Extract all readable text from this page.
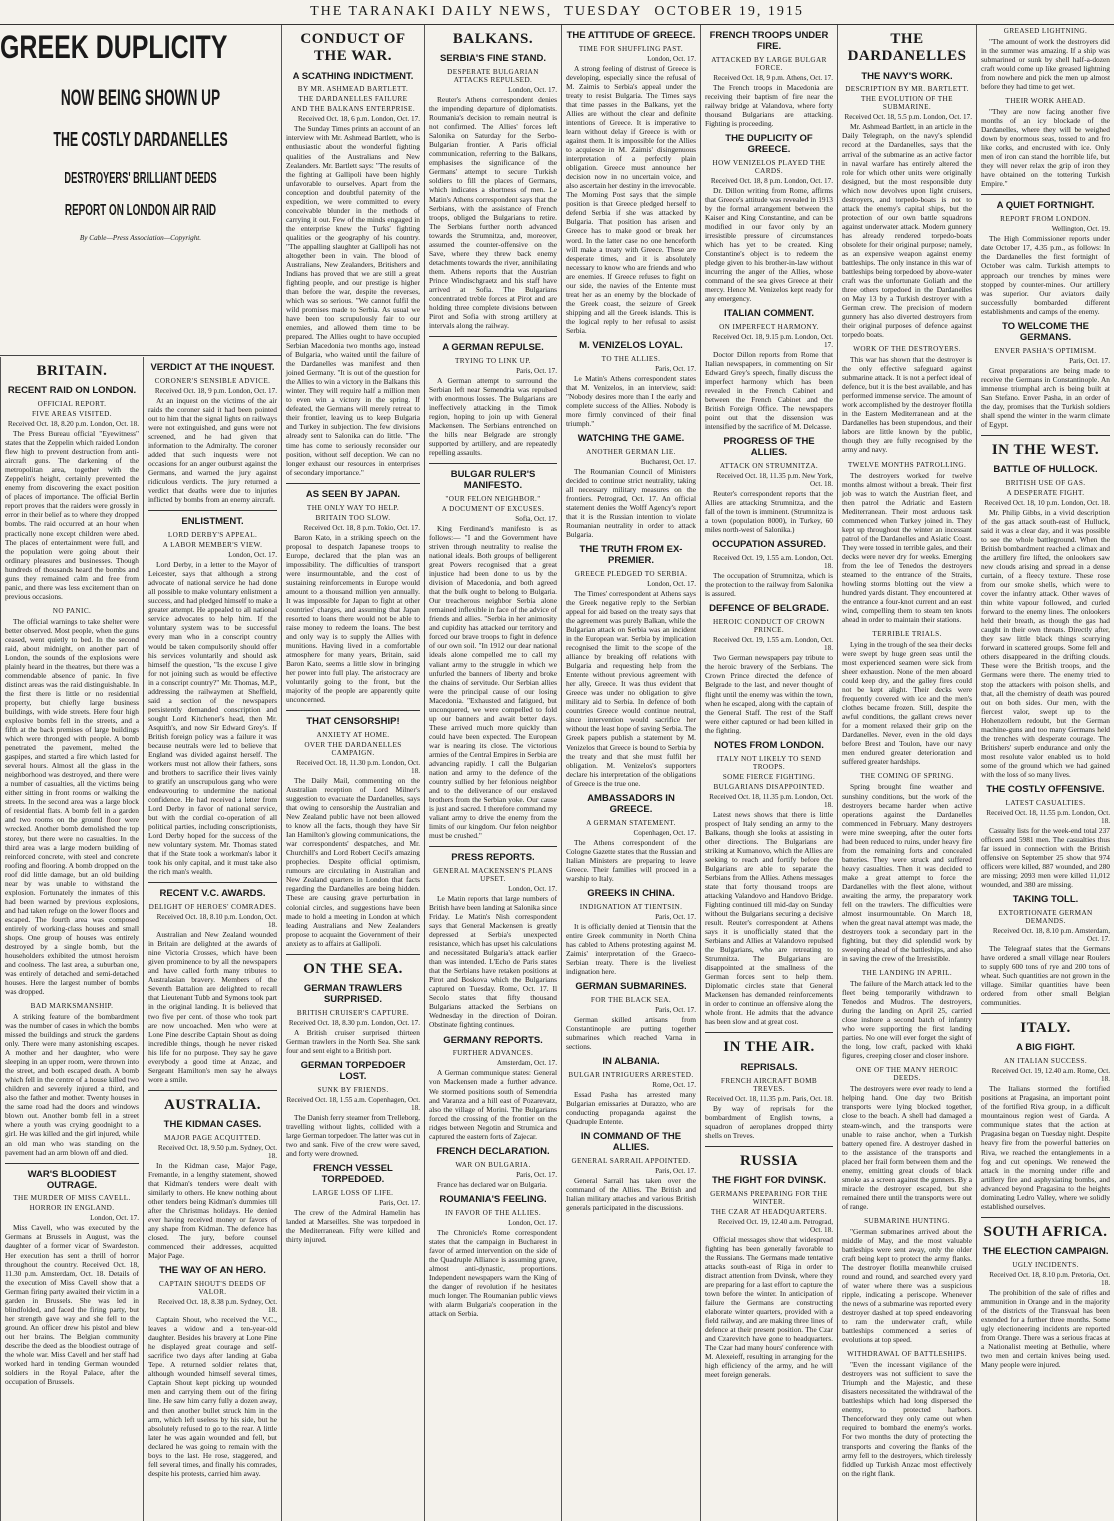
THE TARANAKI DAILY NEWS, TUESDAY OCTOBER 19, 1915
GREEK DUPLICITY
NOW BEING SHOWN UP
THE COSTLY DARDANELLES
DESTROYERS' BRILLIANT DEEDS
REPORT ON LONDON AIR RAID
By Cable—Press Association—Copyright.
BRITAIN.
RECENT RAID ON LONDON.
OFFICIAL REPORT.
FIVE AREAS VISITED.
Received Oct. 18, 8.20 p.m. London, Oct. 18.

The Press Bureau official "Eyewitness" states that the Zeppelin which raided London flew high to prevent destruction from anti-aircraft guns. The darkening of the metropolitan area, together with the Zeppelin's height, certainly prevented the enemy from discovering the exact position of places of importance. The official Berlin report proves that the raiders were grossly in error in their belief as to where they dropped bombs. The raid occurred at an hour when practically none except children were abed. The places of entertainment were full, and the population were going about their ordinary pleasures and businesses. Though hundreds of thousands heard the bombs and guns they remained calm and free from panic, and there was less excitement than on previous occasions.

NO PANIC.

The official warnings to take shelter were better observed. Most people, when the guns ceased, went quietly to bed. In the second raid, about midnight, on another part of London, the sounds of the explosions were plainly heard in the theatres, but there was a commendable absence of panic. In five distinct areas was the raid distinguishable. In the first there is little or no residential property, but chiefly large business buildings, with wide streets. Here four high explosive bombs fell in the streets, and a fifth at the back premises of large buildings which were thronged with people. A bomb penetrated the pavement, melted the gaspipes, and started a fire which lasted for several hours. Almost all the glass in the neighborhood was destroyed, and there were a number of casualties, all the victims being either sitting in front rooms or walking the streets. In the second area was a large block of residential flats. A bomb fell in a garden and two rooms on the ground floor were wrecked. Another bomb demolished the top storey, but there were no casualties. In the third area was a large modern building of reinforced concrete, with steel and concrete roofing and flooring. A bomb dropped on the roof did little damage, but an old building near by was unable to withstand the explosion. Fortunately the inmates of this had been warned by previous explosions, and had taken refuge on the lower floors and escaped. The fourth area was composed entirely of working-class houses and small shops. One group of houses was entirely destroyed by a single bomb, but the householders exhibited the utmost heroism and coolness. The last area, a suburban one, was entirely of detached and semi-detached houses. Here the largest number of bombs was dropped.

BAD MARKSMANSHIP.

A striking feature of the bombardment was the number of cases in which the bombs missed the buildings and struck the gardens only. There were many astonishing escapes. A mother and her daughter, who were sleeping in an upper room, were thrown into the street, and both escaped death. A bomb which fell in the centre of a house killed two children and severely injured a third, and also the father and mother. Twenty houses in the same road had the doors and windows blown out. Another bomb fell in a street where a youth was crying goodnight to a girl. He was killed and the girl injured, while an old man who was standing on the pavement had an arm blown off and died.

WAR'S BLOODIEST OUTRAGE.
THE MURDER OF MISS CAVELL.
HORROR IN ENGLAND.
London, Oct. 17.

Miss Cavell, who was executed by the Germans at Brussels in August, was the daughter of a former vicar of Swardeston. Her execution has sent a thrill of horror throughout the country. Received Oct. 18, 11.30 p.m. Amsterdam, Oct. 18. Details of the execution of Miss Cavell show that a German firing party awaited their victim in a garden in Brussels. She was led in blindfolded, and faced the firing party, but her strength gave way and she fell to the ground. An officer drew his pistol and blew out her brains. The Belgian community describe the deed as the bloodiest outrage of the whole war. Miss Cavell and her staff had worked hard in tending German wounded soldiers in the Royal Palace, after the occupation of Brussels.

VERDICT AT THE INQUEST.
CORONER'S SENSIBLE ADVICE.
Received Oct. 18, 9 p.m. London, Oct. 17.

At an inquest on the victims of the air raids the coroner said it had been pointed out to him that the signal lights on railways were not extinguished, and guns were not screened, and he had given that information to the Admiralty. The coroner added that such inquests were not occasions for an anger outburst against the Germans, and warned the jury against ridiculous verdicts. The jury returned a verdict that deaths were due to injuries inflicted by bombs from an enemy aircraft.

ENLISTMENT.
LORD DERBY'S APPEAL.
A LABOR MEMBER'S VIEW.
London, Oct. 17.

Lord Derby, in a letter to the Mayor of Leicester, says that although a strong advocate of national service he had done all possible to make voluntary enlistment a success, and had pledged himself to make a greater attempt. He appealed to all national service advocates to help him. If the voluntary system was to be successful every man who in a conscript country would be taken compulsorily should offer his services voluntarily and should ask himself the question, "Is the excuse I give for not joining such as would be effective in a conscript country?" Mr. Thomas, M.P., addressing the railwaymen at Sheffield, said a section of the newspapers persistently demanded conscription and sought Lord Kitchener's head, then Mr. Asquith's, and now Sir Edward Grey's. If British foreign policy was a failure it was because neutrals were led to believe that England was divided against herself. The workers must not allow their fathers, sons and brothers to sacrifice their lives vainly to gratify an unscrupulous gang who were endeavouring to undermine the national confidence. He had received a letter from Lord Derby in favor of national service, but with the cordial co-operation of all political parties, including conscriptionists, Lord Derby hoped for the success of the new voluntary system. Mr. Thomas stated that if the State took a workman's labor it took his only capital, and it must take also the rich man's wealth.

RECENT V.C. AWARDS.
DELIGHT OF HEROES' COMRADES.
Received Oct. 18, 8.10 p.m. London, Oct. 18.

Australian and New Zealand wounded in Britain are delighted at the awards of nine Victoria Crosses, which have been given prominence to by all the newspapers and have called forth many tributes to Australasian bravery. Members of the Seventh Battalion are delighted to recall that Lieutenant Tubb and Symons took part in the original landing. It is believed that two five per cent. of those who took part are now uncoached. Men who were at Lone Pine describe Captain Shout as doing incredible things, though he never risked his life for no purpose. They say he gave everybody a good time at Anzac, and Sergeant Hamilton's men say he always wore a smile.

AUSTRALIA.
THE KIDMAN CASES.
MAJOR PAGE ACQUITTED.
Received Oct. 18, 9.50 p.m. Sydney, Oct. 18.

In the Kidman case, Major Page, Fremantle, in a lengthy statement, showed that Kidman's tenders were dealt with similarly to others. He knew nothing about other tenders being Kidman's dummies till after the Christmas holidays. He denied ever having received money or favors of any shape from Kidman. The defence has closed. The jury, before counsel commenced their addresses, acquitted Major Page.

THE WAY OF AN HERO.
CAPTAIN SHOUT'S DEEDS OF VALOR.
Received Oct. 18, 8.38 p.m. Sydney, Oct. 18.

Captain Shout, who received the V.C., leaves a widow and a ten-year-old daughter. Besides his bravery at Lone Pine he displayed great courage and self-sacrifice two days after landing at Gaba Tepe. A returned soldier relates that, although wounded himself several times, Captain Shout kept picking up wounded men and carrying them out of the firing line. He saw him carry fully a dozen away, and then another bullet struck him in the arm, which left useless by his side, but he absolutely refused to go to the rear. A little later he was again wounded and fell, but declared he was going to remain with the boys to the last. He rose, staggered, and fell several times, and finally his comrades, despite his protests, carried him away.

CONDUCT OF THE WAR.
A SCATHING INDICTMENT.
BY MR. ASHMEAD BARTLETT.
THE DARDANELLES FAILURE
AND THE BALKANS ENTERPRISE.
Received Oct. 18, 6 p.m. London, Oct. 17.

The Sunday Times prints an account of an interview with Mr. Ashmead Bartlett, who is enthusiastic about the wonderful fighting qualities of the Australians and New Zealanders. Mr. Bartlett says: "The results of the fighting at Gallipoli have been highly unfavorable to ourselves. Apart from the conception and doubtful paternity of the expedition, we were committed to every conceivable blunder in the methods of carrying it out. Few of the minds engaged in the enterprise knew the Turks' fighting qualities or the geography of his country. "The appalling slaughter at Gallipoli has not altogether been in vain. The blood of Australians, New Zealanders, Britishers and Indians has proved that we are still a great fighting people, and our prestige is higher than before the war, despite the reverses, which was so serious. "We cannot fulfil the wild promises made to Serbia. As usual we have been too scrupulously fair to our enemies, and allowed them time to be prepared. The Allies ought to have occupied Serbian Macedonia two months ago, instead of Bulgaria, who waited until the failure of the Dardanelles was manifest and then joined Germany. "It is out of the question for the Allies to win a victory in the Balkans this winter. They will require half a million men to even win a victory in the spring. If defeated, the Germans will merely retreat to their frontier, leaving us to keep Bulgaria and Turkey in subjection. The few divisions already sent to Salonika can do little. "The time has come to seriously reconsider our position, without self deception. We can no longer exhaust our resources in enterprises of secondary importance."

AS SEEN BY JAPAN.
THE ONLY WAY TO HELP.
BRITAIN TOO SLOW.
Received Oct. 18, 8 p.m. Tokio, Oct. 17.

Baron Kato, in a striking speech on the proposal to despatch Japanese troops to Europe, declared that the plan was an impossibility. The difficulties of transport were insurmountable, and the cost of sustaining reinforcements in Europe would amount to a thousand million yen annually. It was impossible for Japan to fight at other countries' charges, and assuming that Japan resorted to loans there would not be able to raise money to redeem the loans. The best and only way is to supply the Allies with munitions. Having lived in a comfortable atmosphere for many years, Britain, said Baron Kato, seems a little slow in bringing her power into full play. The aristocracy are voluntarily going to the front, but the majority of the people are apparently quite unconcerned.

THAT CENSORSHIP!
ANXIETY AT HOME.
OVER THE DARDANELLES CAMPAIGN.
Received Oct. 18, 11.30 p.m. London, Oct. 18.

The Daily Mail, commenting on the Australian reception of Lord Milner's suggestion to evacuate the Dardanelles, says that owing to censorship the Australian and New Zealand public have not been allowed to know all the facts, though they have Sir Ian Hamilton's glowing communications, the war correspondents' despatches, and Mr. Churchill's and Lord Robert Cecil's amazing prophecies. Despite official optimism, rumours are circulating in Australian and New Zealand quarters in London that facts regarding the Dardanelles are being hidden. These are causing grave perturbation in colonial circles, and suggestions have been made to hold a meeting in London at which leading Australians and New Zealanders propose to acquaint the Government of their anxiety as to affairs at Gallipoli.

ON THE SEA.
GERMAN TRAWLERS SURPRISED.
BRITISH CRUISER'S CAPTURE.
Received Oct. 18, 8.30 p.m. London, Oct. 17.

A British cruiser surprised thirteen German trawlers in the North Sea. She sank four and sent eight to a British port.

GERMAN TORPEDOER LOST.
SUNK BY FRIENDS.
Received Oct. 18, 1.55 a.m. Copenhagen, Oct. 18.

The Danish ferry steamer from Trelleborg, travelling without lights, collided with a large German torpedoer. The latter was cut in two and sank. Five of the crew were saved, and forty were drowned.

FRENCH VESSEL TORPEDOED.
LARGE LOSS OF LIFE.
Paris, Oct. 17.

The crew of the Admiral Hamelin has landed at Marseilles. She was torpedoed in the Mediterranean. Fifty were killed and thirty injured.

BALKANS.
SERBIA'S FINE STAND.
DESPERATE BULGARIAN ATTACKS REPULSED.
London, Oct. 17.

Reuter's Athens correspondent denies the impending departure of diplomatists. Roumania's decision to remain neutral is not confirmed. The Allies' forces left Salonika on Saturday for the Serbo-Bulgarian frontier. A Paris official communication, referring to the Balkans, emphasises the significance of the Germans' attempt to secure Turkish soldiers to fill the places of Germans, which indicates a shortness of men. Le Matin's Athens correspondent says that the Serbians, with the assistance of French troops, obliged the Bulgarians to retire. The Serbians further north advanced towards the Strumnitza, and, moreover, assumed the counter-offensive on the Save, where they threw back enemy detachments towards the river, annihilating them. Athens reports that the Austrian Prince Windischgraetz and his staff have arrived at Sofia. The Bulgarians concentrated treble forces at Pirot and are holding three complete divisions between Pirot and Sofia with strong artillery at intervals along the railway.

A GERMAN REPULSE.
TRYING TO LINK UP.
Paris, Oct. 17.

A German attempt to surround the Serbian left near Semendria was repulsed with enormous losses. The Bulgarians are ineffectively attacking in the Timok region, hoping to join up with General Mackensen. The Serbians entrenched on the hills near Belgrade are strongly supported by artillery, and are repeatedly repelling assaults.

BULGAR RULER'S MANIFESTO.
"OUR FELON NEIGHBOR."
A DOCUMENT OF EXCUSES.
Sofia, Oct. 17.

King Ferdinand's manifesto is as follows:— "I and the Government have striven through neutrality to realise the national ideals. Both groups of belligerent great Powers recognised that a great injustice had been done to us by the division of Macedonia, and both agreed that the bulk ought to belong to Bulgaria. Our treacherous neighbor Serbia alone remained inflexible in face of the advice of friends and allies. "Serbia in her animosity and cupidity has attacked our territory and forced our brave troops to fight in defence of our own soil. "In 1912 our dear national ideals alone compelled me to call my valiant army to the struggle in which we unfurled the banners of liberty and broke the chains of servitude. Our Serbian allies were the principal cause of our losing Macedonia. "Exhausted and fatigued, but unconquered, we were compelled to fold up our banners and await better days. These arrived much more quickly than could have been expected. The European war is nearing its close. The victorious armies of the Central Empires in Serbia are advancing rapidly. I call the Bulgarian nation and army to the defence of the country sullied by her felonious neighbor and to the deliverance of our enslaved brothers from the Serbian yoke. Our cause is just and sacred. I therefore command my valiant army to drive the enemy from the limits of our kingdom. Our felon neighbor must be crushed."

PRESS REPORTS.
GENERAL MACKENSEN'S PLANS UPSET.
London, Oct. 17.

Le Matin reports that large numbers of British have been landing at Salonika since Friday. Le Matin's Nish correspondent says that General Mackensen is greatly depressed at Serbia's unexpected resistance, which has upset his calculations and necessitated Bulgaria's attack earlier than was intended. L'Echo de Paris states that the Serbians have retaken positions at Pirot and Boskova which the Bulgarians captured on Tuesday. Rome, Oct. 17. Il Secolo states that fifty thousand Bulgarians attacked the Serbians on Wednesday in the direction of Doiran. Obstinate fighting continues.

GERMANY REPORTS.
FURTHER ADVANCES.
Amsterdam, Oct. 17.

A German communique states: General von Mackensen made a further advance. We stormed positions south of Semendria and Varanza and a hill east of Pozarevatz, also the village of Morini. The Bulgarians forced the crossing of the frontier on the ridges between Negotin and Strumica and captured the eastern forts of Zajecar.

FRENCH DECLARATION.
WAR ON BULGARIA.
Paris, Oct. 17.

France has declared war on Bulgaria.

ROUMANIA'S FEELING.
IN FAVOR OF THE ALLIES.
London, Oct. 17.

The Chronicle's Rome correspondent states that the campaign in Bucharest in favor of armed intervention on the side of the Quadruple Alliance is assuming grave, almost anti-dynastic, proportions. Independent newspapers warn the King of the danger of revolution if he hesitates much longer. The Roumanian public views with alarm Bulgaria's cooperation in the attack on Serbia.

THE ATTITUDE OF GREECE.
TIME FOR SHUFFLING PAST.
London, Oct. 17.

A strong feeling of distrust of Greece is developing, especially since the refusal of M. Zaimis to Serbia's appeal under the treaty to resist Bulgaria. The Times says that time passes in the Balkans, yet the Allies are without the clear and definite intentions of Greece. It is imperative to learn without delay if Greece is with or against them. It is impossible for the Allies to acquiesce in M. Zaimis' disingenuous interpretation of a perfectly plain obligation. Greece must announce her decision now in no uncertain voice, and also ascertain her destiny in the irrevocable. The Morning Post says that the simple position is that Greece pledged herself to defend Serbia if she was attacked by Bulgaria. That position has arisen and Greece has to make good or break her word. In the latter case no one henceforth will make a treaty with Greece. These are desperate times, and it is absolutely necessary to know who are friends and who are enemies. If Greece refuses to fight on our side, the navies of the Entente must treat her as an enemy by the blockade of the Greek coast, the seizure of Greek shipping and all the Greek islands. This is the logical reply to her refusal to assist Serbia.

M. VENIZELOS LOYAL.
TO THE ALLIES.
Paris, Oct. 17.

Le Matin's Athens correspondent states that M. Venizelos, in an interview, said: "Nobody desires more than I the early and complete success of the Allies. Nobody is more firmly convinced of their final triumph."

WATCHING THE GAME.
ANOTHER GERMAN LIE.
Bucharest, Oct. 17.

The Roumanian Council of Ministers decided to continue strict neutrality, taking all necessary military measures on the frontiers. Petrograd, Oct. 17. An official statement denies the Wolff Agency's report that it is the Russian intention to violate Roumanian neutrality in order to attack Bulgaria.

THE TRUTH FROM EX-PREMIER.
GREECE PLEDGED TO SERBIA.
London, Oct. 17.

The Times' correspondent at Athens says the Greek negative reply to the Serbian appeal for aid based on the treaty says that the agreement was purely Balkan, while the Bulgarian attack on Serbia was an incident in the European war. Serbia by implication recognised the limit to the scope of the alliance by breaking off relations with Bulgaria and requesting help from the Entente without previous agreement with her ally, Greece. It was thus evident that Greece was under no obligation to give military aid to Serbia. In defence of both countries Greece would continue neutral, since intervention would sacrifice her without the least hope of saving Serbia. The Greek papers publish a statement by M. Venizelos that Greece is bound to Serbia by the treaty and that she must fulfil her obligation. M. Venizelos's supporters declare his interpretation of the obligations of Greece is the true one.

AMBASSADORS IN GREECE.
A GERMAN STATEMENT.
Copenhagen, Oct. 17.

The Athens correspondent of the Cologne Gazette states that the Russian and Italian Ministers are preparing to leave Greece. Their families will proceed in a warship to Italy.

GREEKS IN CHINA.
INDIGNATION AT TIENTSIN.
Paris, Oct. 17.

It is officially denied at Tientsin that the entire Greek community in North China has cabled to Athens protesting against M. Zaimis' interpretation of the Graeco-Serbian treaty. There is the liveliest indignation here.

GERMAN SUBMARINES.
FOR THE BLACK SEA.
Paris, Oct. 17.

German skilled artisans from Constantinople are putting together submarines which reached Varna in sections.

IN ALBANIA.
BULGAR INTRIGUERS ARRESTED.
Rome, Oct. 17.

Essad Pasha has arrested many Bulgarian emissaries at Durazzo, who are conducting propaganda against the Quadruple Entente.

IN COMMAND OF THE ALLIES.
GENERAL SARRAIL APPOINTED.
Paris, Oct. 17.

General Sarrail has taken over the command of the Allies. The British and Italian military attaches and various British generals participated in the discussions.

FRENCH TROOPS UNDER FIRE.
ATTACKED BY LARGE BULGAR FORCE.
Received Oct. 18, 9 p.m. Athens, Oct. 17.

The French troops in Macedonia are receiving their baptism of fire near the railway bridge at Valandova, where forty thousand Bulgarians are attacking. Fighting is proceeding.

THE DUPLICITY OF GREECE.
HOW VENIZELOS PLAYED THE CARDS.
Received Oct. 18, 8 p.m. London, Oct. 17.

Dr. Dillon writing from Rome, affirms that Greece's attitude was revealed in 1913 by the formal arrangement between the Kaiser and King Constantine, and can be modified in our favor only by an irresistible pressure of circumstances which has yet to be created. King Constantine's object is to redeem the pledge given to his brother-in-law without incurring the anger of the Allies, whose command of the sea gives Greece at their mercy. Hence M. Venizelos kept ready for any emergency.

ITALIAN COMMENT.
ON IMPERFECT HARMONY.
Received Oct. 18, 9.15 p.m. London, Oct. 17.

Doctor Dillon reports from Rome that Italian newspapers, in commenting on Sir Edward Grey's speech, finally discuss the imperfect harmony which has been revealed in the French Cabinet and between the French Cabinet and the British Foreign Office. The newspapers point out that the dissension was intensified by the sacrifice of M. Delcasse.

PROGRESS OF THE ALLIES.
ATTACK ON STRUMNITZA.
Received Oct. 18, 11.35 p.m. New York, Oct. 18.

Reuter's correspondent reports that the Allies are attacking Strumnitza, and the fall of the town is imminent. (Strumnitza is a town (population 8000), in Turkey, 60 miles north-west of Salonika.)

OCCUPATION ASSURED.
Received Oct. 19, 1.55 a.m. London, Oct. 18.

The occupation of Strumnitza, which is the protection to the railway from Salonika is assured.

DEFENCE OF BELGRADE.
HEROIC CONDUCT OF CROWN PRINCE.
Received Oct. 19, 1.55 a.m. London, Oct. 18.

Two German newspapers pay tribute to the heroic bravery of the Serbians. The Crown Prince directed the defence of Belgrade to the last, and never thought of flight until the enemy was within the town, when he escaped, along with the captain of the General Staff. The rest of the Staff were either captured or had been killed in the fighting.

NOTES FROM LONDON.
ITALY NOT LIKELY TO SEND TROOPS.
SOME FIERCE FIGHTING.
BULGARIANS DISAPPOINTED.
Received Oct. 18, 11.35 p.m. London, Oct. 18.

Latest news shows that there is little prospect of Italy sending an army to the Balkans, though she looks at assisting in other directions. The Bulgarians are striking at Kumanovo, which the Allies are seeking to reach and fortify before the Bulgarians are able to separate the Serbians from the Allies. Athens messages state that forty thousand troops are attacking Valandovo and Handovo Bridge. Fighting continued till mid-day on Sunday without the Bulgarians securing a decisive result. Reuter's correspondent at Athens says it is unofficially stated that the Serbians and Allies at Valandovo repulsed the Bulgarians, who are retreating to Strumnitza. The Bulgarians are disappointed at the smallness of the German forces sent to help them. Diplomatic circles state that General Mackensen has demanded reinforcements in order to continue an offensive along the whole front. He admits that the advance has been slow and at great cost.

IN THE AIR.
REPRISALS.
FRENCH AIRCRAFT BOMB TREVES.
Received Oct. 18, 11.35 p.m. Paris, Oct. 18.

By way of reprisals for the bombardment of English towns, a squadron of aeroplanes dropped thirty shells on Treves.

RUSSIA
THE FIGHT FOR DVINSK.
GERMANS PREPARING FOR THE WINTER.
THE CZAR AT HEADQUARTERS.
Received Oct. 19, 12.40 a.m. Petrograd, Oct. 18.

Official messages show that widespread fighting has been generally favorable to the Russians. The Germans made tentative attacks south-east of Riga in order to distract attention from Dvinsk, where they are preparing for a last effort to capture the town before the winter. In anticipation of failure the Germans are constructing elaborate winter quarters, provided with a field railway, and are making three lines of defence at their present position. The Czar and Czarevitch have gone to headquarters. The Czar had many hours' conference with M. Alexeieff, resulting in arranging for the high efficiency of the army, and he will meet foreign generals.

THE DARDANELLES
THE NAVY'S WORK.
DESCRIPTION BY MR. BARTLETT.
THE EVOLUTION OF THE SUBMARINE.
Received Oct. 18, 5.5 p.m. London, Oct. 17.

Mr. Ashmead Bartlett, in an article in the Daily Telegraph, on the navy's splendid record at the Dardanelles, says that the arrival of the submarine as an active factor in naval warfare has entirely altered the role for which other units were originally designed, but the most responsible duty which now devolves upon light cruisers, destroyers, and torpedo-boats is not to attack the enemy's capital ships, but the protection of our own battle squadrons against underwater attack. Modern gunnery has already rendered torpedo-boats obsolete for their original purpose; namely, as an expensive weapon against enemy battleships. The only instance in this war of battleships being torpedoed by above-water craft was the unfortunate Goliath and the three others torpedoed in the Dardanelles on May 13 by a Turkish destroyer with a German crew. The precision of modern gunnery has also diverted destroyers from their original purposes of defence against torpedo boats.

WORK OF THE DESTROYERS.

This war has shown that the destroyer is the only effective safeguard against submarine attack. It is not a perfect ideal of defence, but it is the best available, and has performed immense service. The amount of work accomplished by the destroyer flotilla in the Eastern Mediterranean and at the Dardanelles has been stupendous, and their labors are little known by the public, though they are fully recognised by the army and navy.

TWELVE MONTHS PATROLLING.

The destroyers worked for twelve months almost without a break. Their first job was to watch the Austrian fleet, and then patrol the Adriatic and Eastern Mediterranean. Their most arduous task commenced when Turkey joined in. They kept up throughout the winter an incessant patrol of the Dardanelles and Asiatic Coast. They were tossed in terrible gales, and their decks were never dry for weeks. Emerging from the lee of Tenedos the destroyers steamed to the entrance of the Straits, howling storms blotting out the view a hundred yards distant. They encountered at the entrance a four-knot current and an east wind, compelling them to steam ten knots ahead in order to maintain their stations.

TERRIBLE TRIALS.

Lying in the trough of the sea their decks were swept by huge green seas until the most experienced seamen were sick from sheer exhaustion. None of the men aboard could keep dry, and the galley fires could not be kept alight. Their decks were frequently covered with ice and the men's clothes became frozen. Still, despite the awful conditions, the gallant crews never for a moment relaxed their grip on the Dardanelles. Never, even in the old days before Brest and Toulon, have our navy men endured greater deterioration and suffered greater hardships.

THE COMING OF SPRING.

Spring brought fine weather and sunshiny conditions, but the work of the destroyers became harder when active operations against the Dardanelles commenced in February. Many destroyers were mine sweeping, after the outer forts had been reduced to ruins, under heavy fire from the remaining forts and concealed batteries. They were struck and suffered heavy casualties. Then it was decided to make a great attempt to force the Dardanelles with the fleet alone, without awaiting the army, the preparatory work fell on the trawlers. The difficulties were almost insurmountable. On March 18, when the great naval attempt was made, the destroyers took a secondary part in the fighting, but they did splendid work by sweeping ahead of the battleships, and also in saving the crew of the Irresistible.

THE LANDING IN APRIL.

The failure of the March attack led to the fleet being temporarily withdrawn to Tenedos and Mudros. The destroyers, during the landing on April 25, carried close inshore a second batch of infantry who were supporting the first landing parties. No one will ever forget the sight of the long, low craft, packed with khaki figures, creeping closer and closer inshore.

ONE OF THE MANY HEROIC DEEDS.

The destroyers were ever ready to lend a helping hand. One day two British transports were lying blocked together, close to the beach. A shell had damaged a steam-winch, and the transports were unable to raise anchor, when a Turkish battery opened fire. A destroyer dashed in to the assistance of the transports and placed her frail form between them and the enemy, emitting great clouds of black smoke as a screen against the gunners. By a miracle the destroyer escaped, but she remained there until the transports were out of range.

SUBMARINE HUNTING.

"German submarines arrived about the middle of May, and the most valuable battleships were sent away, only the older craft being kept to protect the army flanks. The destroyer flotilla meanwhile cruised round and round, and searched every yard of water where there was a suspicious ripple, indicating a periscope. Whenever the news of a submarine was reported every destroyer dashed at top speed endeavoring to ram the underwater craft, while battleships commenced a series of evolutions at top speed.

WITHDRAWAL OF BATTLESHIPS.

"Even the incessant vigilance of the destroyers was not sufficient to save the Triumph and the Majestic, and these disasters necessitated the withdrawal of the battleships which had long dispersed the enemy, to protected harbors. Thenceforward they only came out when required to bombard the enemy's works. For two months the duty of protecting the transports and covering the flanks of the army fell to the destroyers, which tirelessly fiddled up Turkish Anzac most effectively on the right flank.

GREASED LIGHTNING.

"The amount of work the destroyers did in the summer was amazing. If a ship was submarined or sunk by shell half-a-dozen craft would come up like greased lightning from nowhere and pick the men up almost before they had time to get wet.

THEIR WORK AHEAD.

"They are now facing another five months of an icy blockade of the Dardanelles, where they will be weighed down by enormous seas, tossed to and fro like corks, and encrusted with ice. Only men of iron can stand the horrible life, but they will never relax the grip of iron they have obtained on the tottering Turkish Empire."

A QUIET FORTNIGHT.
REPORT FROM LONDON.
Wellington, Oct. 19.

The High Commissioner reports under date October 17, 4.35 p.m., as follows: In the Dardanelles the first fortnight of October was calm. Turkish attempts to approach our trenches by mines were stopped by counter-mines. Our artillery was superior. Our aviators daily successfully bombarded different establishments and camps of the enemy.

TO WELCOME THE GERMANS.
ENVER PASHA'S OPTIMISM.
Paris, Oct. 17.

Great preparations are being made to receive the Germans in Constantinople. An immense triumphal arch is being built at San Stefano. Enver Pasha, in an order of the day, promises that the Turkish soldiers shall spend the winter in the warm climate of Egypt.

IN THE WEST.
BATTLE OF HULLOCK.
BRITISH USE OF GAS.
A DESPERATE FIGHT.
Received Oct. 18, 10 p.m. London, Oct. 18.

Mr. Philip Gibbs, in a vivid description of the gas attack south-east of Hulluck, said it was a clear day, and it was possible to see the whole battleground. When the British bombardment reached a climax and the artillery fire lifted, the onlookers saw new clouds arising and spread in a dense curtain, of a fleecy texture. These rose from our smoke shells, which were to cover the infantry attack. Other waves of thin white vapour followed, and curled forward to the enemy lines. The onlookers held their breath, as though the gas had caught in their own throats. Directly after, they saw little black things scurrying forward in scattered groups. Some fell and others disappeared in the drifting clouds. These were the British troops, and the Germans were there. The enemy tried to stop the attackers with poison shells, and that, all the chemistry of death was poured out on both sides. Our men, with the fiercest valor, swept up to the Hohenzollern redoubt, but the German machine-guns and too many Germans held the trenches with desperate courage. The Britishers' superb endurance and only the most resolute valor enabled us to hold some of the ground which we had gained with the loss of so many lives.

THE COSTLY OFFENSIVE.
LATEST CASUALTIES.
Received Oct. 18, 11.55 p.m. London, Oct. 18.

Casualty lists for the week-end total 237 officers and 5981 men. The casualties thus far issued in connection with the British offensive on September 25 show that 974 officers were killed, 887 wounded, and 280 are missing; 2093 men were killed 11,012 wounded, and 380 are missing.

TAKING TOLL.
EXTORTIONATE GERMAN DEMANDS.
Received Oct. 18, 8.10 p.m. Amsterdam, Oct. 17.

The Telegraaf states that the Germans have ordered a small village near Roulers to supply 600 tons of rye and 200 tons of wheat. Such quantities are not grown in the village. Similar quantities have been ordered from other small Belgian communities.

ITALY.
A BIG FIGHT.
AN ITALIAN SUCCESS.
Received Oct. 19, 12.40 a.m. Rome, Oct. 18.

The Italians stormed the fortified positions at Pragasina, an important point of the fortified Riva group, in a difficult mountainous region west of Garda. A communique states that the action at Pragasina began on Tuesday night. Despite heavy fire from the powerful batteries on Riva, we reached the entanglements in a fog and cut openings. We renewed the attack in the morning under rifle and artillery fire and asphyxiating bombs, and advanced beyond Pragasina to the heights dominating Ledro Valley, where we solidly established ourselves.

SOUTH AFRICA.
THE ELECTION CAMPAIGN.
UGLY INCIDENTS.
Received Oct. 18, 8.10 p.m. Pretoria, Oct. 18.

The prohibition of the sale of rifles and ammunition in Orange and in the majority of the districts of the Transvaal has been extended for a further three months. Some ugly electioneering incidents are reported from Orange. There was a serious fracas at a Nationalist meeting at Bethulie, where two men and certain knives being used. Many people were injured.
